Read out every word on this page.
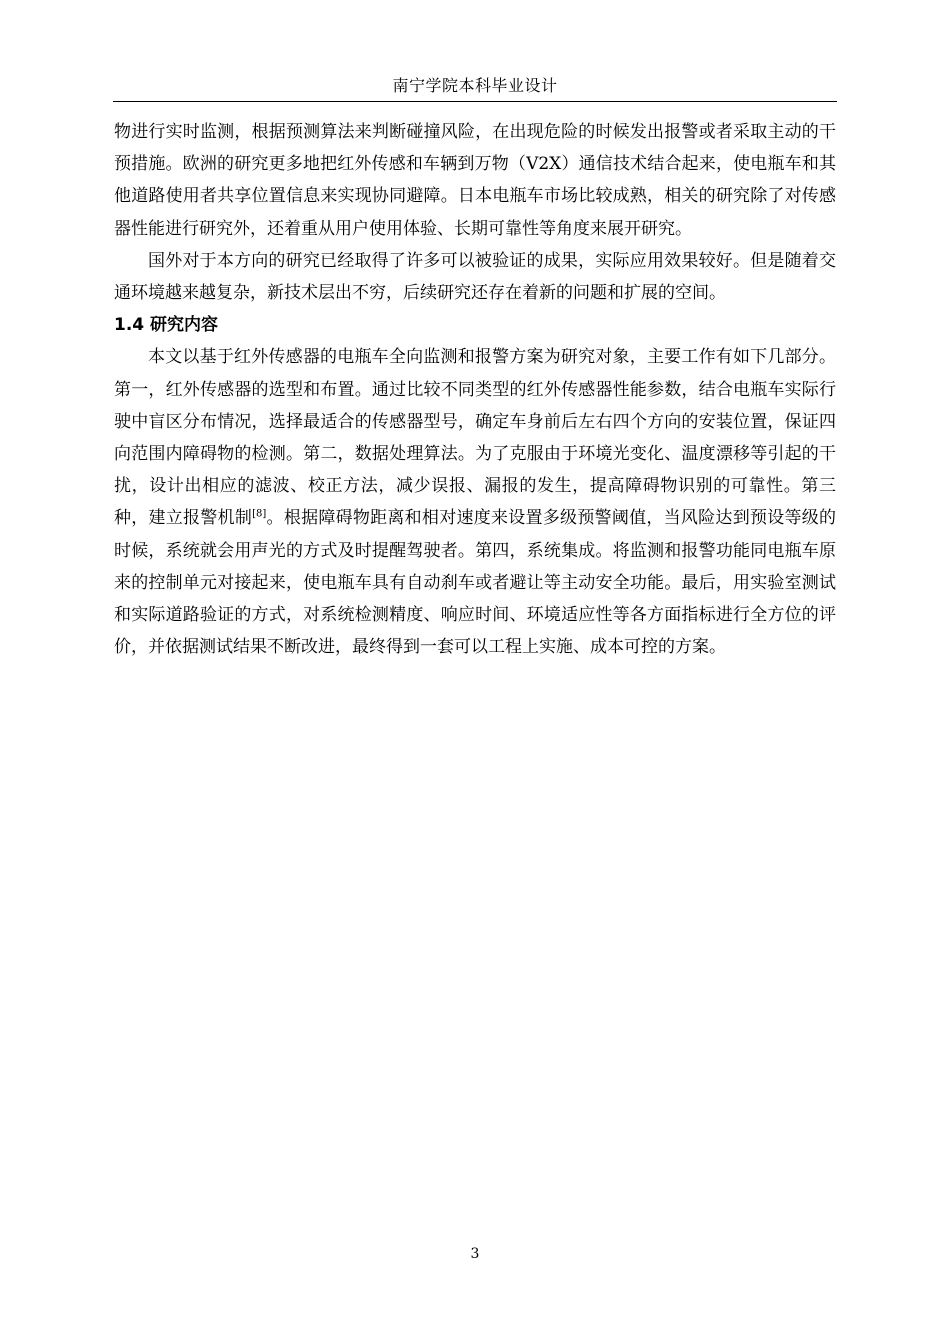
南宁学院本科毕业设计

物进行实时监测，根据预测算法来判断碰撞风险，在出现危险的时候发出报警或者采取主动的干预措施。欧洲的研究更多地把红外传感和车辆到万物（V2X）通信技术结合起来，使电瓶车和其他道路使用者共享位置信息来实现协同避障。日本电瓶车市场比较成熟，相关的研究除了对传感器性能进行研究外，还着重从用户使用体验、长期可靠性等角度来展开研究。

国外对于本方向的研究已经取得了许多可以被验证的成果，实际应用效果较好。但是随着交通环境越来越复杂，新技术层出不穷，后续研究还存在着新的问题和扩展的空间。

1.4 研究内容

本文以基于红外传感器的电瓶车全向监测和报警方案为研究对象，主要工作有如下几部分。第一，红外传感器的选型和布置。通过比较不同类型的红外传感器性能参数，结合电瓶车实际行驶中盲区分布情况，选择最适合的传感器型号，确定车身前后左右四个方向的安装位置，保证四向范围内障碍物的检测。第二，数据处理算法。为了克服由于环境光变化、温度漂移等引起的干扰，设计出相应的滤波、校正方法，减少误报、漏报的发生，提高障碍物识别的可靠性。第三种，建立报警机制[8]。根据障碍物距离和相对速度来设置多级预警阈值，当风险达到预设等级的时候，系统就会用声光的方式及时提醒驾驶者。第四，系统集成。将监测和报警功能同电瓶车原来的控制单元对接起来，使电瓶车具有自动刹车或者避让等主动安全功能。最后，用实验室测试和实际道路验证的方式，对系统检测精度、响应时间、环境适应性等各方面指标进行全方位的评价，并依据测试结果不断改进，最终得到一套可以工程上实施、成本可控的方案。

3
